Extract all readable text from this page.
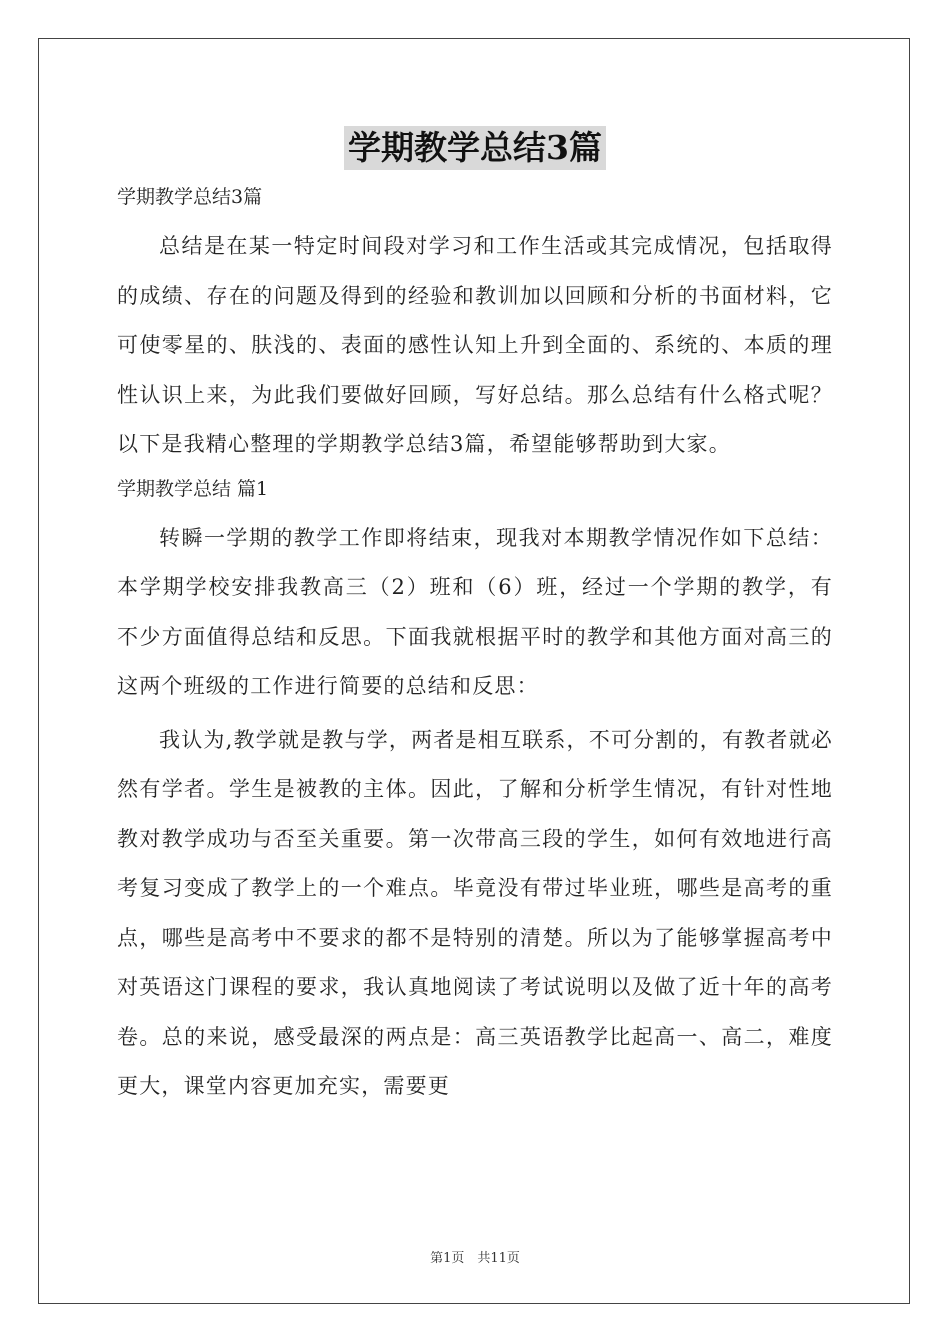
学期教学总结3篇
学期教学总结3篇

总结是在某一特定时间段对学习和工作生活或其完成情况，包括取得的成绩、存在的问题及得到的经验和教训加以回顾和分析的书面材料，它可使零星的、肤浅的、表面的感性认知上升到全面的、系统的、本质的理性认识上来，为此我们要做好回顾，写好总结。那么总结有什么格式呢？以下是我精心整理的学期教学总结3篇，希望能够帮助到大家。

学期教学总结 篇1

转瞬一学期的教学工作即将结束，现我对本期教学情况作如下总结：本学期学校安排我教高三（2）班和（6）班，经过一个学期的教学，有不少方面值得总结和反思。下面我就根据平时的教学和其他方面对高三的这两个班级的工作进行简要的总结和反思：

我认为,教学就是教与学，两者是相互联系，不可分割的，有教者就必然有学者。学生是被教的主体。因此，了解和分析学生情况，有针对性地教对教学成功与否至关重要。第一次带高三段的学生，如何有效地进行高考复习变成了教学上的一个难点。毕竟没有带过毕业班，哪些是高考的重点，哪些是高考中不要求的都不是特别的清楚。所以为了能够掌握高考中对英语这门课程的要求，我认真地阅读了考试说明以及做了近十年的高考卷。总的来说，感受最深的两点是：高三英语教学比起高一、高二，难度更大，课堂内容更加充实，需要更

第1页　共11页
